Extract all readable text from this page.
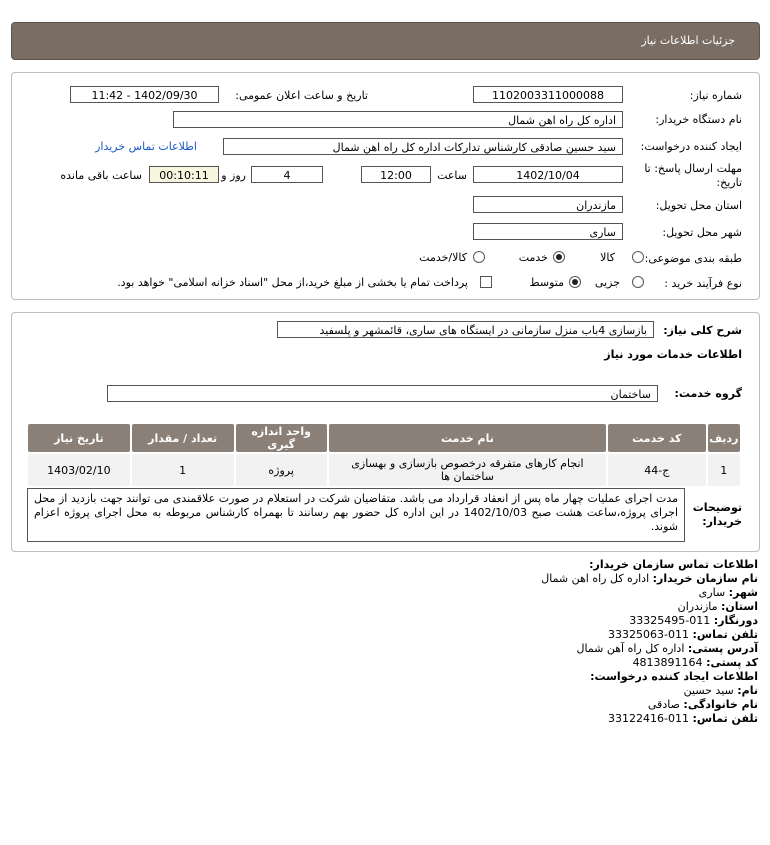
جزئیات اطلاعات نیاز
شماره نیاز:
1102003311000088
تاریخ و ساعت اعلان عمومی:
1402/09/30 - 11:42
نام دستگاه خریدار:
اداره کل راه اهن شمال
ایجاد کننده درخواست:
سید حسین صادقی کارشناس تدارکات اداره کل راه اهن شمال
اطلاعات تماس خریدار
مهلت ارسال پاسخ: تا
تاریخ:
1402/10/04
ساعت
12:00
4
روز و
00:10:11
ساعت باقی مانده
استان محل تحویل:
مازندران
شهر محل تحویل:
ساری
طبقه بندی موضوعی:
کالا
خدمت
کالا/خدمت
نوع فرآیند خرید :
جزیی
متوسط
پرداخت تمام یا بخشی از مبلغ خرید،از محل "اسناد خزانه اسلامی" خواهد بود.
شرح کلی نیاز:
بازسازی 4باب منزل سازمانی در ایستگاه های ساری، قائمشهر و پلسفید
اطلاعات خدمات مورد نیاز
گروه خدمت:
ساختمان
ردیف	کد خدمت	نام خدمت	واحد اندازه گیری	تعداد / مقدار	تاریخ نیاز
1	ج-44	انجام کارهای متفرقه درخصوص بازسازی و بهسازی ساختمان ها	پروژه	1	1403/02/10
توضیحات
خریدار:
مدت اجرای عملیات چهار ماه پس از انعقاد قرارداد می باشد. متقاضیان شرکت در استعلام در صورت علاقمندی می توانند جهت بازدید از محل اجرای پروژه،ساعت هشت صبح 1402/10/03 در این اداره کل حضور بهم رسانند تا بهمراه کارشناس مربوطه به محل اجرای پروژه اعزام شوند.
اطلاعات تماس سازمان خریدار:
نام سازمان خریدار: اداره کل راه اهن شمال
شهر: ساری
استان: مازندران
دورنگار: 011-33325495
تلفن تماس: 011-33325063
آدرس پستی: اداره کل راه آهن شمال
کد پستی: 4813891164
اطلاعات ایجاد کننده درخواست:
نام: سید حسین
نام خانوادگی: صادقی
تلفن تماس: 011-33122416
